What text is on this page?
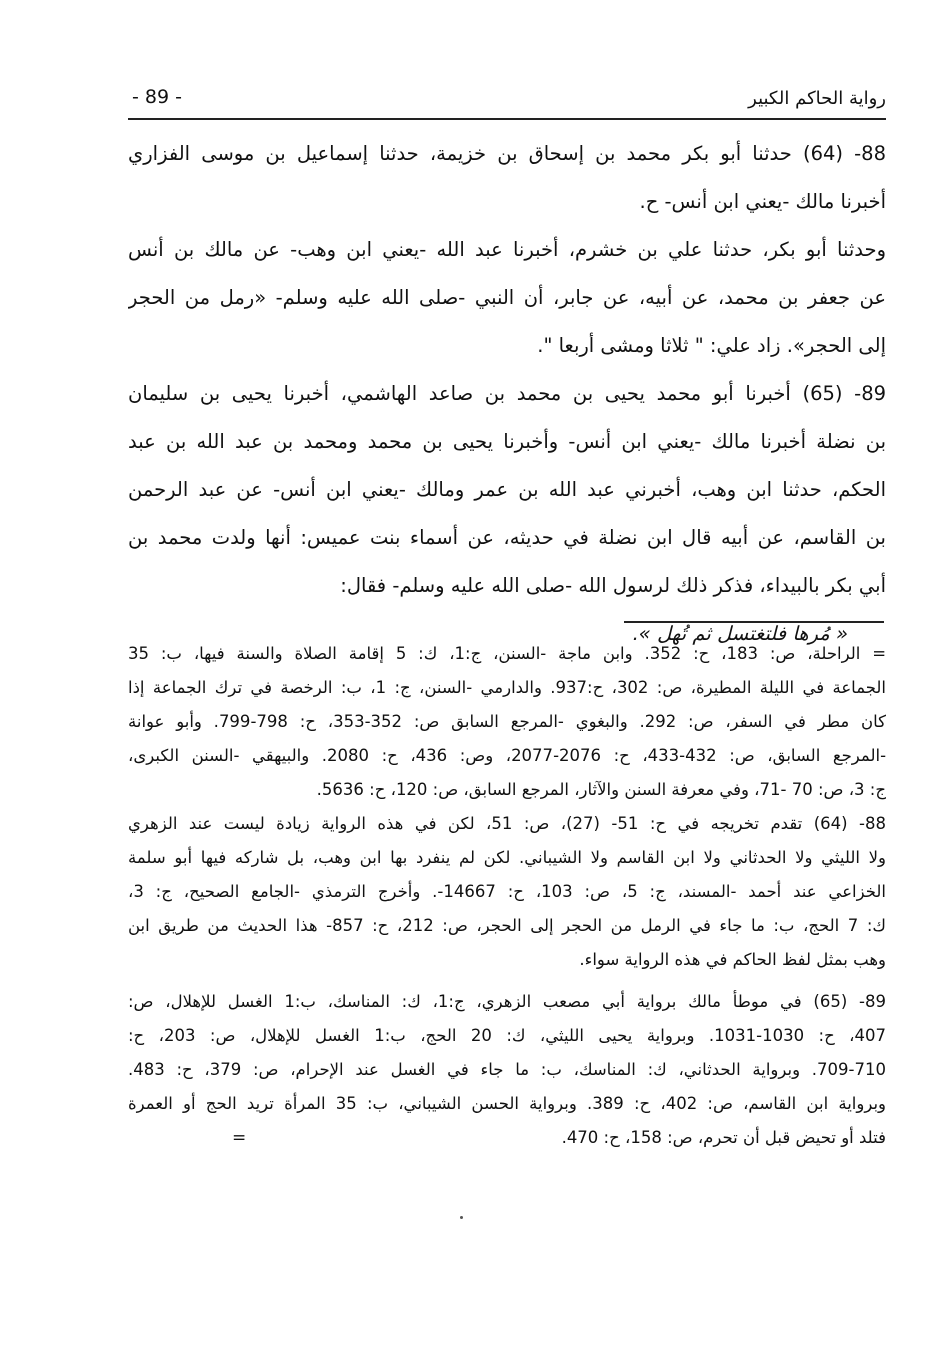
رواية الحاكم الكبير
- 89 -
88- (64) حدثنا أبو بكر محمد بن إسحاق بن خزيمة، حدثنا إسماعيل بن موسى الفزاري
أخبرنا مالك -يعني ابن أنس- ح.
وحدثنا أبو بكر، حدثنا علي بن خشرم، أخبرنا عبد الله -يعني ابن وهب- عن مالك بن أنس
عن جعفر بن محمد، عن أبيه، عن جابر، أن النبي -صلى الله عليه وسلم- «رمل من الحجر
إلى الحجر». زاد علي: " ثلاثا ومشى أربعا ".
89- (65) أخبرنا أبو محمد يحيى بن محمد بن صاعد الهاشمي، أخبرنا يحيى بن سليمان
بن نضلة أخبرنا مالك -يعني ابن أنس- وأخبرنا يحيى بن محمد ومحمد بن عبد الله بن عبد
الحكم، حدثنا ابن وهب، أخبرني عبد الله بن عمر ومالك -يعني ابن أنس- عن عبد الرحمن
بن القاسم، عن أبيه قال ابن نضلة في حديثه، عن أسماء بنت عميس: أنها ولدت محمد بن
أبي بكر بالبيداء، فذكر ذلك لرسول الله -صلى الله عليه وسلم- فقال:
« مُرها فلتغتسل ثم تُهل ».
= الراحلة، ص: 183، ح: 352. وابن ماجة -السنن، ج:1، ك: 5 إقامة الصلاة والسنة فيها، ب: 35
الجماعة في الليلة المطيرة، ص: 302، ح:937. والدارمي -السنن، ج: 1، ب: الرخصة في ترك الجماعة إذا
كان مطر في السفر، ص: 292. والبغوي -المرجع السابق ص: 352-353، ح: 798-799. وأبو عوانة
-المرجع السابق، ص: 432-433، ح: 2076-2077، وص: 436، ح: 2080. والبيهقي -السنن الكبرى،
ج: 3، ص: 70 -71، وفي معرفة السنن والآثار، المرجع السابق، ص: 120، ح: 5636.
88- (64) تقدم تخريجه في ح: 51- (27)، ص: 51، لكن في هذه الرواية زيادة ليست عند الزهري
ولا الليثي ولا الحدثاني ولا ابن القاسم ولا الشيباني. لكن لم ينفرد بها ابن وهب، بل شاركه فيها أبو سلمة
الخزاعي عند أحمد -المسند، ج: 5، ص: 103، ح: 14667-. وأخرج الترمذي -الجامع الصحيح، ج: 3،
ك: 7 الحج، ب: ما جاء في الرمل من الحجر إلى الحجر، ص: 212، ح: 857- هذا الحديث من طريق ابن
وهب بمثل لفظ الحاكم في هذه الرواية سواء.
89- (65) في موطأ مالك برواية أبي مصعب الزهري، ج:1، ك: المناسك، ب:1 الغسل للإهلال، ص:
407، ح: 1030-1031. وبرواية يحيى الليثي، ك: 20 الحج، ب:1 الغسل للإهلال، ص: 203، ح:
709-710. وبرواية الحدثاني، ك: المناسك، ب: ما جاء في الغسل عند الإحرام، ص: 379، ح: 483.
وبرواية ابن القاسم، ص: 402، ح: 389. وبرواية الحسن الشيباني، ب: 35 المرأة تريد الحج أو العمرة
فتلد أو تحيض قبل أن تحرم، ص: 158، ح: 470.
=
